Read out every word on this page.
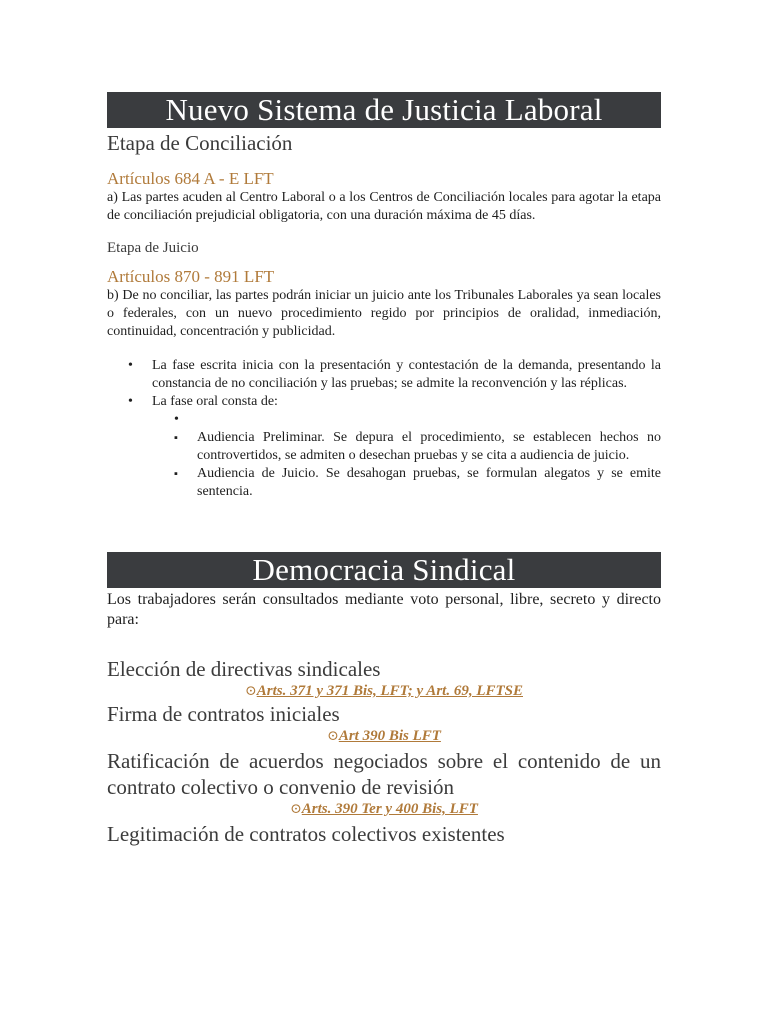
Nuevo Sistema de Justicia Laboral
Etapa de Conciliación
Artículos 684 A - E LFT

a) Las partes acuden al Centro Laboral o a los Centros de Conciliación locales para agotar la etapa de conciliación prejudicial obligatoria, con una duración máxima de 45 días.

Etapa de Juicio
Artículos 870 - 891 LFT

b) De no conciliar, las partes podrán iniciar un juicio ante los Tribunales Laborales ya sean locales o federales, con un nuevo procedimiento regido por principios de oralidad, inmediación, continuidad, concentración y publicidad.

• La fase escrita inicia con la presentación y contestación de la demanda, presentando la constancia de no conciliación y las pruebas; se admite la reconvención y las réplicas.
• La fase oral consta de:
•

▪ Audiencia Preliminar. Se depura el procedimiento, se establecen hechos no controvertidos, se admiten o desechan pruebas y se cita a audiencia de juicio.
▪ Audiencia de Juicio. Se desahogan pruebas, se formulan alegatos y se emite sentencia.
Democracia Sindical

Los trabajadores serán consultados mediante voto personal, libre, secreto y directo para:

Elección de directivas sindicales

⊙Arts. 371 y 371 Bis, LFT; y Art. 69, LFTSE

Firma de contratos iniciales

⊙Art 390 Bis LFT

Ratificación de acuerdos negociados sobre el contenido de un contrato colectivo o convenio de revisión

⊙Arts. 390 Ter y 400 Bis, LFT

Legitimación de contratos colectivos existentes
